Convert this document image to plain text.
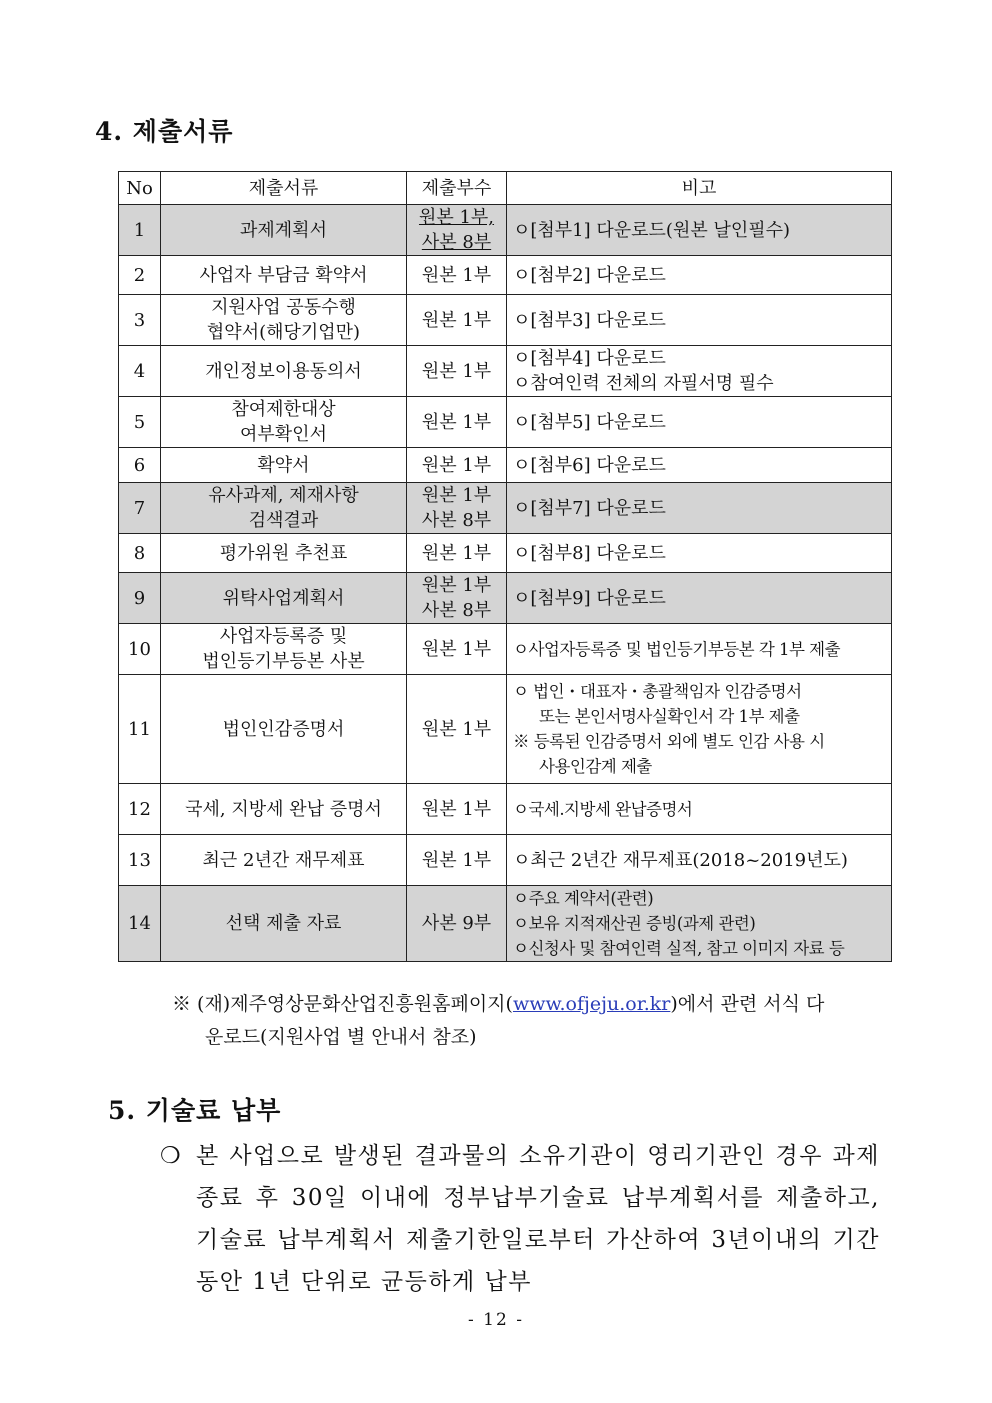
4. 제출서류
No	제출서류	제출부수	비고
1	과제계획서	원본 1부,
사본 8부	ㅇ[첨부1] 다운로드(원본 날인필수)

2	사업자 부담금 확약서	원본 1부	ㅇ[첨부2] 다운로드

3	지원사업 공동수행
협약서(해당기업만)	원본 1부	ㅇ[첨부3] 다운로드

4	개인정보이용동의서	원본 1부	ㅇ[첨부4] 다운로드
ㅇ참여인력 전체의 자필서명 필수

5	참여제한대상
여부확인서	원본 1부	ㅇ[첨부5] 다운로드

6	확약서	원본 1부	ㅇ[첨부6] 다운로드

7	유사과제, 제재사항
검색결과	원본 1부
사본 8부	ㅇ[첨부7] 다운로드

8	평가위원 추천표	원본 1부	ㅇ[첨부8] 다운로드

9	위탁사업계획서	원본 1부
사본 8부	ㅇ[첨부9] 다운로드

10	사업자등록증 및
법인등기부등본 사본	원본 1부	ㅇ사업자등록증 및 법인등기부등본 각 1부 제출

11	법인인감증명서	원본 1부	ㅇ 법인・대표자・총괄책임자 인감증명서
또는 본인서명사실확인서 각 1부 제출
※ 등록된 인감증명서 외에 별도 인감 사용 시
사용인감계 제출

12	국세, 지방세 완납 증명서	원본 1부	ㅇ국세.지방세 완납증명서

13	최근 2년간 재무제표	원본 1부	ㅇ최근 2년간 재무제표(2018~2019년도)

14	선택 제출 자료	사본 9부	ㅇ주요 계약서(관련)
ㅇ보유 지적재산권 증빙(과제 관련)
ㅇ신청사 및 참여인력 실적, 참고 이미지 자료 등
※ (재)제주영상문화산업진흥원홈페이지(www.ofjeju.or.kr)에서 관련 서식 다
운로드(지원사업 별 안내서 참조)
5. 기술료 납부
❍ 본 사업으로 발생된 결과물의 소유기관이 영리기관인 경우 과제 종료 후 30일 이내에 정부납부기술료 납부계획서를 제출하고, 기술료 납부계획서 제출기한일로부터 가산하여 3년이내의 기간 동안 1년 단위로 균등하게 납부
- 12 -
